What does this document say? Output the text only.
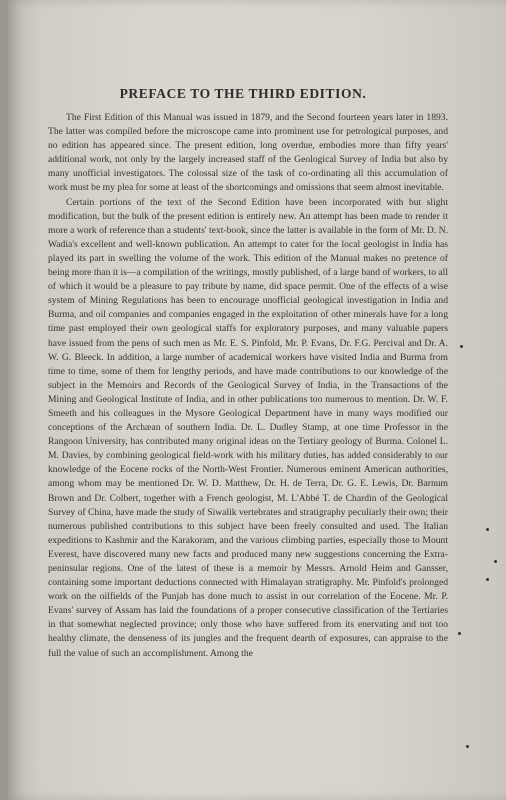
PREFACE TO THE THIRD EDITION.

The First Edition of this Manual was issued in 1879, and the Second fourteen years later in 1893. The latter was compiled before the microscope came into prominent use for petrological purposes, and no edition has appeared since. The present edition, long overdue, embodies more than fifty years' additional work, not only by the largely increased staff of the Geological Survey of India but also by many unofficial investigators. The colossal size of the task of co-ordinating all this accumulation of work must be my plea for some at least of the shortcomings and omissions that seem almost inevitable.

Certain portions of the text of the Second Edition have been incorporated with but slight modification, but the bulk of the present edition is entirely new. An attempt has been made to render it more a work of reference than a students' text-book, since the latter is available in the form of Mr. D. N. Wadia's excellent and well-known publication. An attempt to cater for the local geologist in India has played its part in swelling the volume of the work. This edition of the Manual makes no pretence of being more than it is—a compilation of the writings, mostly published, of a large band of workers, to all of which it would be a pleasure to pay tribute by name, did space permit. One of the effects of a wise system of Mining Regulations has been to encourage unofficial geological investigation in India and Burma, and oil companies and companies engaged in the exploitation of other minerals have for a long time past employed their own geological staffs for exploratory purposes, and many valuable papers have issued from the pens of such men as Mr. E. S. Pinfold, Mr. P. Evans, Dr. F.G. Percival and Dr. A. W. G. Bleeck. In addition, a large number of academical workers have visited India and Burma from time to time, some of them for lengthy periods, and have made contributions to our knowledge of the subject in the Memoirs and Records of the Geological Survey of India, in the Transactions of the Mining and Geological Institute of India, and in other publications too numerous to mention. Dr. W. F. Smeeth and his colleagues in the Mysore Geological Department have in many ways modified our conceptions of the Archæan of southern India. Dr. L. Dudley Stamp, at one time Professor in the Rangoon University, has contributed many original ideas on the Tertiary geology of Burma. Colonel L. M. Davies, by combining geological field-work with his military duties, has added considerably to our knowledge of the Eocene rocks of the North-West Frontier. Numerous eminent American authorities, among whom may be mentioned Dr. W. D. Matthew, Dr. H. de Terra, Dr. G. E. Lewis, Dr. Barnum Brown and Dr. Colbert, together with a French geologist, M. L'Abbé T. de Chardin of the Geological Survey of China, have made the study of Siwalik vertebrates and stratigraphy peculiarly their own; their numerous published contributions to this subject have been freely consulted and used. The Italian expeditions to Kashmir and the Karakoram, and the various climbing parties, especially those to Mount Everest, have discovered many new facts and produced many new suggestions concerning the Extra-peninsular regions. One of the latest of these is a memoir by Messrs. Arnold Heim and Gansser, containing some important deductions connected with Himalayan stratigraphy. Mr. Pinfold's prolonged work on the oilfields of the Punjab has done much to assist in our correlation of the Eocene. Mr. P. Evans' survey of Assam has laid the foundations of a proper consecutive classification of the Tertiaries in that somewhat neglected province; only those who have suffered from its enervating and not too healthy climate, the denseness of its jungles and the frequent dearth of exposures, can appraise to the full the value of such an accomplishment. Among the
